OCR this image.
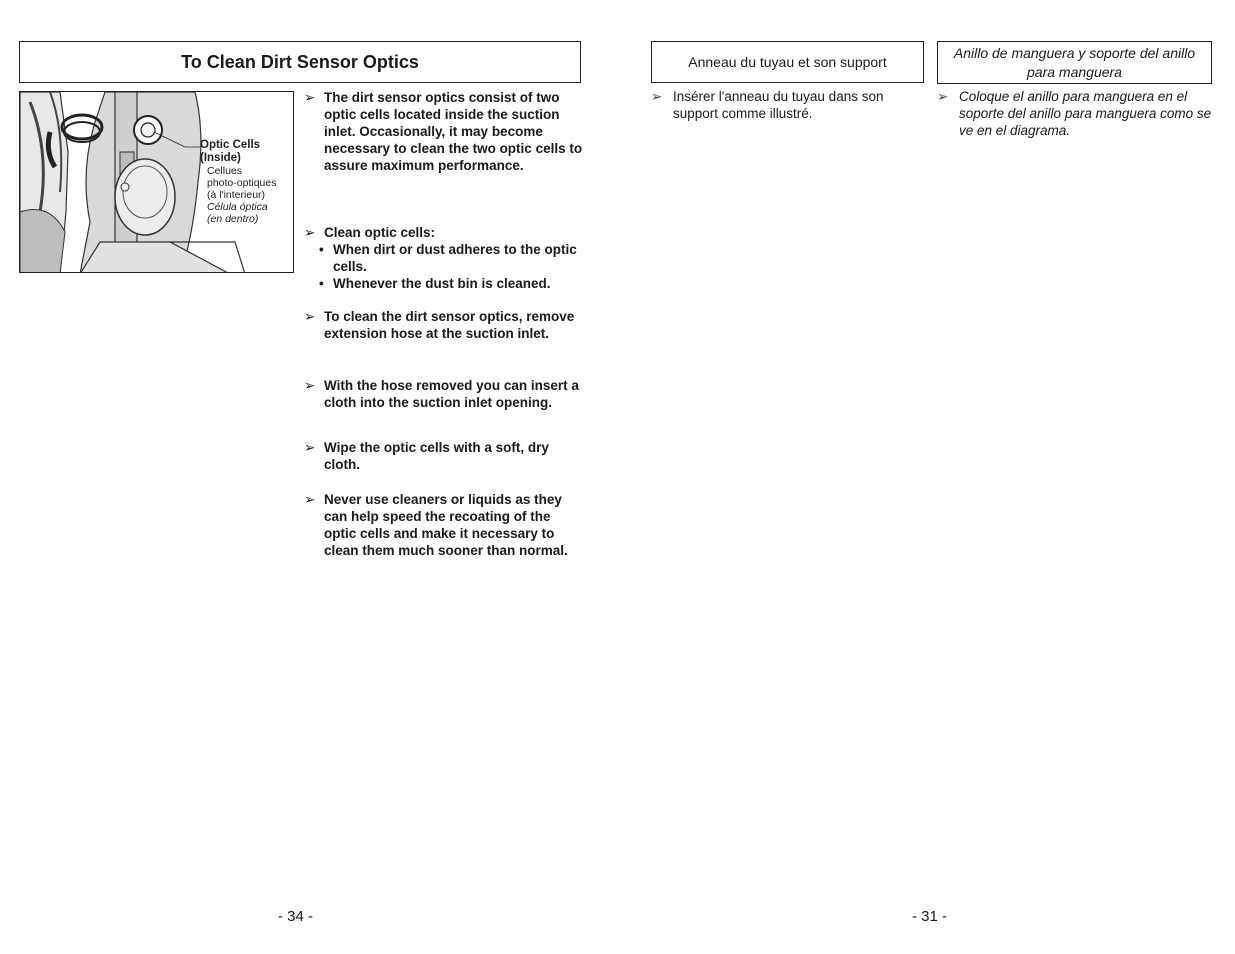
To Clean Dirt Sensor Optics
Optic Cells
(Inside)
Cellues
photo-optiques
(à l'interieur)
Célula óptica
(en dentro)
➢ The dirt sensor optics consist of two optic cells located inside the suction inlet. Occasionally, it may become necessary to clean the two optic cells to assure maximum performance.
➢ Clean optic cells:
• When dirt or dust adheres to the optic cells.
• Whenever the dust bin is cleaned.
➢ To clean the dirt sensor optics, remove extension hose at the suction inlet.
➢ With the hose removed you can insert a cloth into the suction inlet opening.
➢ Wipe the optic cells with a soft, dry cloth.
➢ Never use cleaners or liquids as they can help speed the recoating of the optic cells and make it necessary to clean them much sooner than normal.
- 34 -
Anneau du tuyau et son support
➢ Insérer l'anneau du tuyau dans son support comme illustré.
Anillo de manguera y soporte del anillo para manguera
➢ Coloque el anillo para manguera en el soporte del anillo para manguera como se ve en el diagrama.
- 31 -
